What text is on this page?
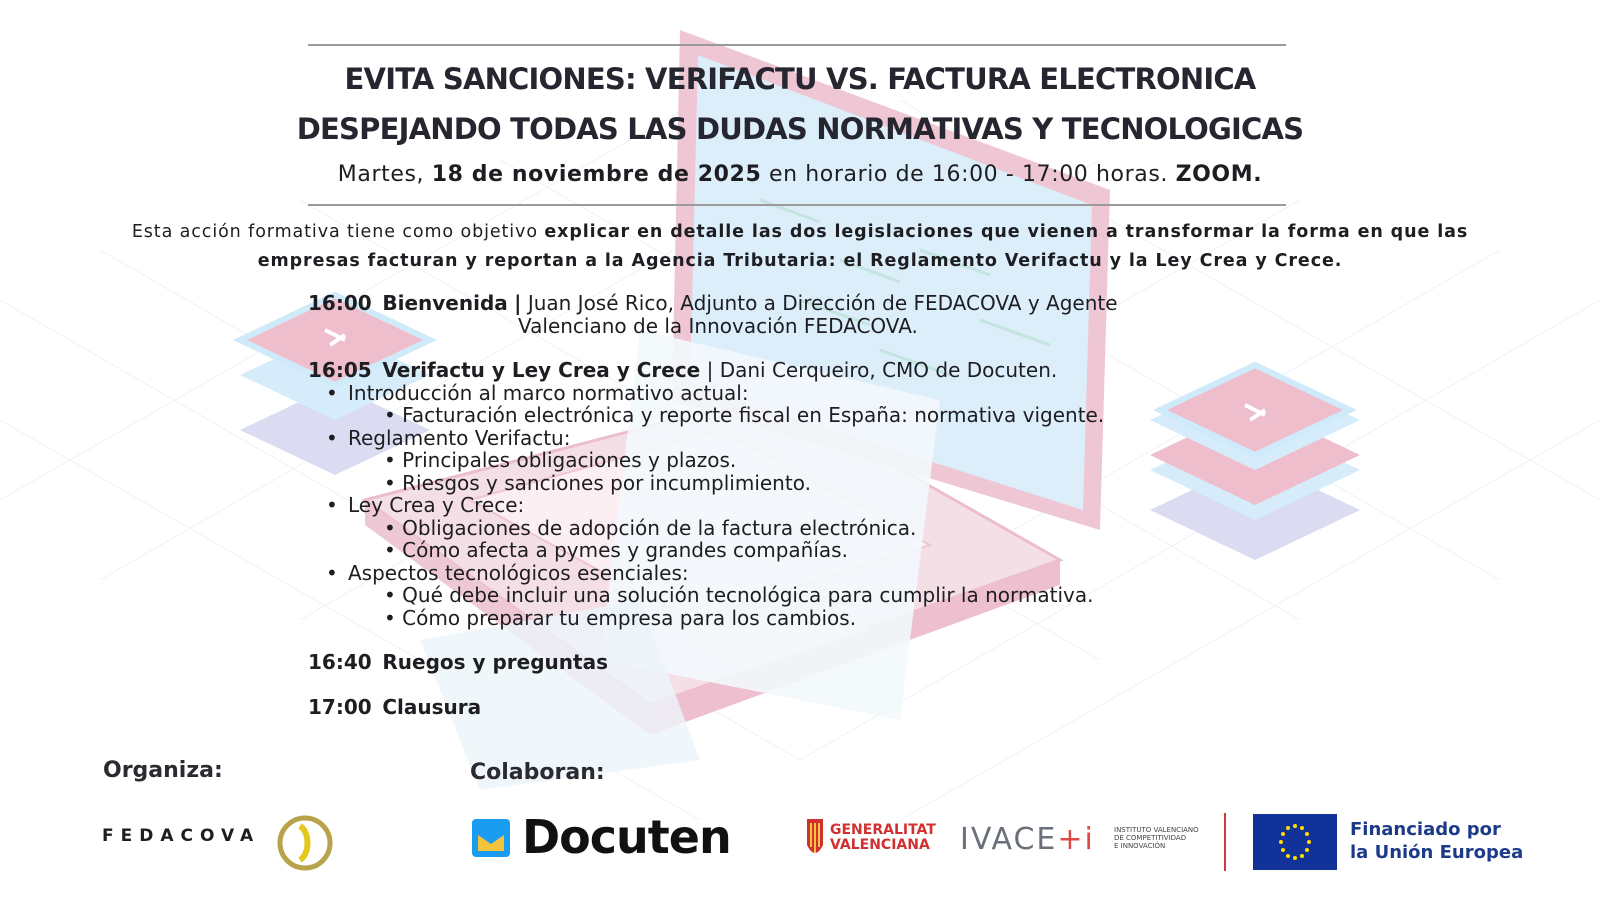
EVITA SANCIONES: VERIFACTU VS. FACTURA ELECTRONICA
DESPEJANDO TODAS LAS DUDAS NORMATIVAS Y TECNOLOGICAS
Martes, 18 de noviembre de 2025 en horario de 16:00 - 17:00 horas. ZOOM.
Esta acción formativa tiene como objetivo explicar en detalle las dos legislaciones que vienen a transformar la forma en que las empresas facturan y reportan a la Agencia Tributaria: el Reglamento Verifactu y la Ley Crea y Crece.
16:00 Bienvenida | Juan José Rico, Adjunto a Dirección de FEDACOVA y Agente
Valenciano de la Innovación FEDACOVA.
16:05 Verifactu y Ley Crea y Crece | Dani Cerqueiro, CMO de Docuten.
• Introducción al marco normativo actual:
• Facturación electrónica y reporte fiscal en España: normativa vigente.
• Reglamento Verifactu:
• Principales obligaciones y plazos.
• Riesgos y sanciones por incumplimiento.
• Ley Crea y Crece:
• Obligaciones de adopción de la factura electrónica.
• Cómo afecta a pymes y grandes compañías.
• Aspectos tecnológicos esenciales:
• Qué debe incluir una solución tecnológica para cumplir la normativa.
• Cómo preparar tu empresa para los cambios.
16:40 Ruegos y preguntas
17:00 Clausura
Organiza:	Colaboran:
FEDACOVA	Docuten	GENERALITAT
VALENCIANA IVACE+i	INSTITUTO VALENCIANO
DE COMPETITIVIDAD
E INNOVACIÓN
Financiado por
la Unión Europea
